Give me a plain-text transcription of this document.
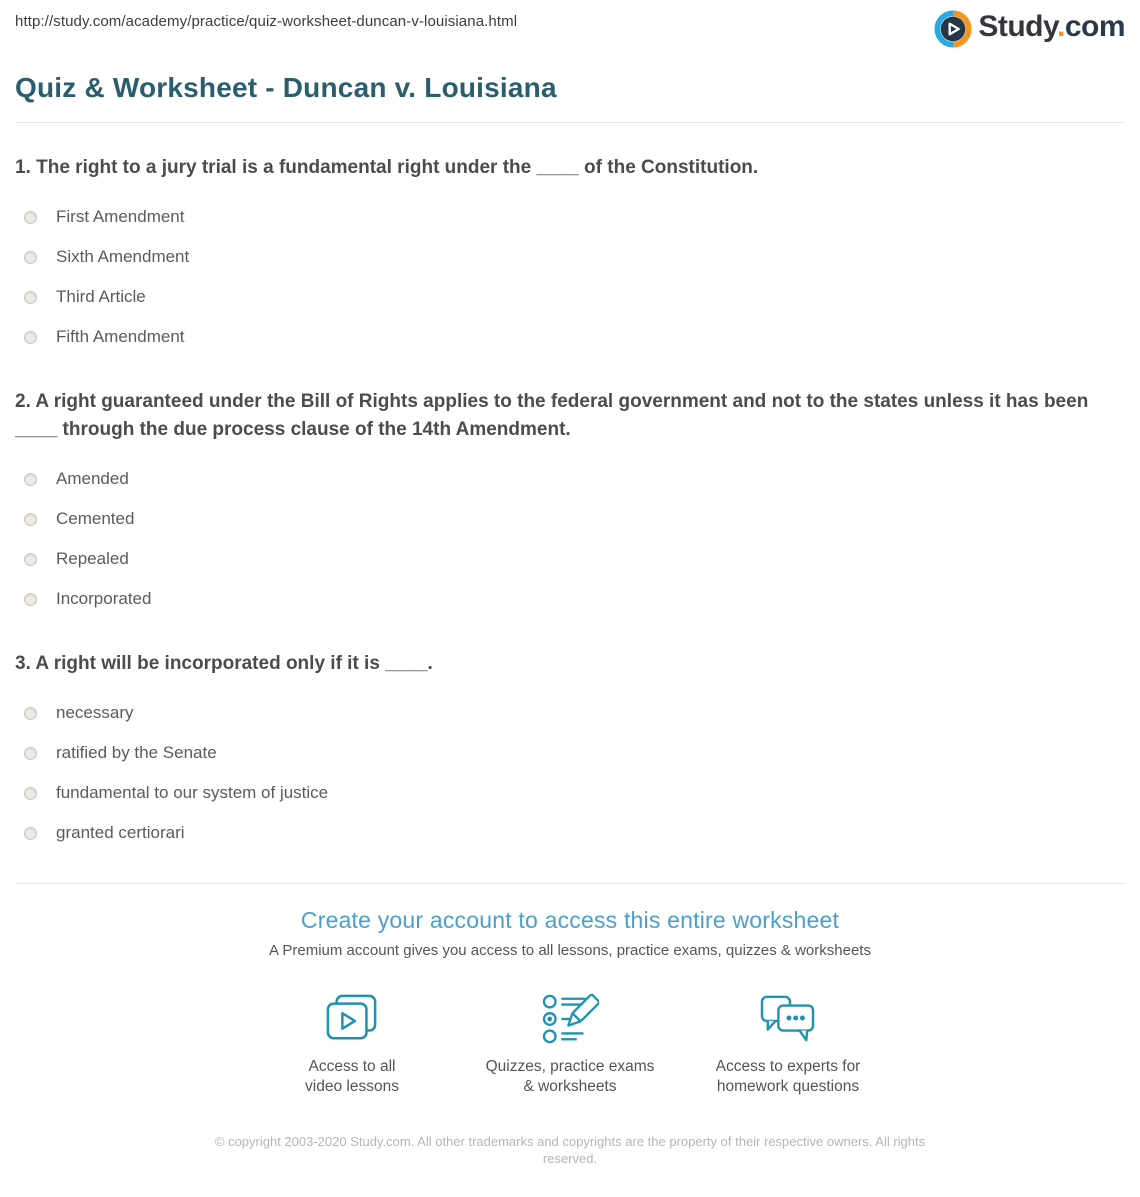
http://study.com/academy/practice/quiz-worksheet-duncan-v-louisiana.html	Study.com
Quiz & Worksheet - Duncan v. Louisiana
1. The right to a jury trial is a fundamental right under the ____ of the Constitution.
First Amendment
Sixth Amendment
Third Article
Fifth Amendment
2. A right guaranteed under the Bill of Rights applies to the federal government and not to the states unless it has been ____ through the due process clause of the 14th Amendment.
Amended
Cemented
Repealed
Incorporated
3. A right will be incorporated only if it is ____.
necessary
ratified by the Senate
fundamental to our system of justice
granted certiorari
Create your account to access this entire worksheet
A Premium account gives you access to all lessons, practice exams, quizzes & worksheets
Access to all
video lessons
Quizzes, practice exams
& worksheets
Access to experts for
homework questions
© copyright 2003-2020 Study.com. All other trademarks and copyrights are the property of their respective owners. All rights reserved.
